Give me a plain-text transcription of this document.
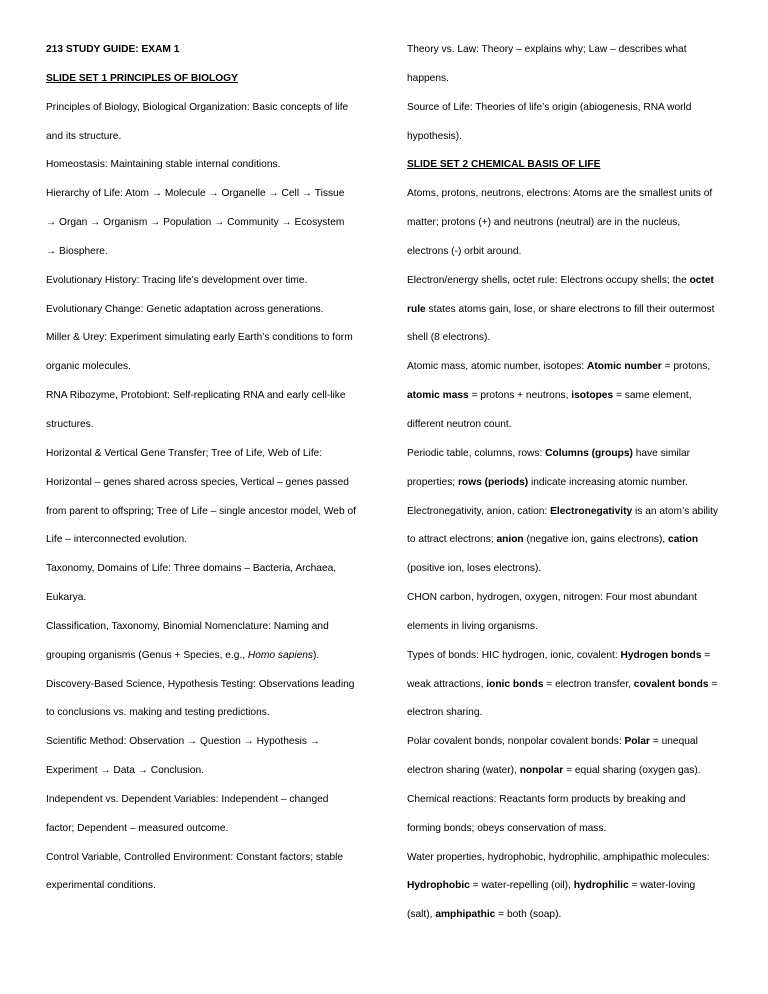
213 STUDY GUIDE: EXAM 1
SLIDE SET 1 PRINCIPLES OF BIOLOGY
Principles of Biology, Biological Organization: Basic concepts of life
and its structure.
Homeostasis: Maintaining stable internal conditions.
Hierarchy of Life: Atom → Molecule → Organelle → Cell → Tissue
→ Organ → Organism → Population → Community → Ecosystem
→ Biosphere.
Evolutionary History: Tracing life’s development over time.
Evolutionary Change: Genetic adaptation across generations.
Miller & Urey: Experiment simulating early Earth’s conditions to form
organic molecules.
RNA Ribozyme, Protobiont: Self-replicating RNA and early cell-like
structures.
Horizontal & Vertical Gene Transfer; Tree of Life, Web of Life:
Horizontal – genes shared across species, Vertical – genes passed
from parent to offspring; Tree of Life – single ancestor model, Web of
Life – interconnected evolution.
Taxonomy, Domains of Life: Three domains – Bacteria, Archaea,
Eukarya.
Classification, Taxonomy, Binomial Nomenclature: Naming and
grouping organisms (Genus + Species, e.g., Homo sapiens).
Discovery-Based Science, Hypothesis Testing: Observations leading
to conclusions vs. making and testing predictions.
Scientific Method: Observation → Question → Hypothesis →
Experiment → Data → Conclusion.
Independent vs. Dependent Variables: Independent – changed
factor; Dependent – measured outcome.
Control Variable, Controlled Environment: Constant factors; stable
experimental conditions.
Theory vs. Law: Theory – explains why; Law – describes what
happens.
Source of Life: Theories of life’s origin (abiogenesis, RNA world
hypothesis).
SLIDE SET 2 CHEMICAL BASIS OF LIFE
Atoms, protons, neutrons, electrons: Atoms are the smallest units of
matter; protons (+) and neutrons (neutral) are in the nucleus,
electrons (-) orbit around.
Electron/energy shells, octet rule: Electrons occupy shells; the octet
rule states atoms gain, lose, or share electrons to fill their outermost
shell (8 electrons).
Atomic mass, atomic number, isotopes: Atomic number = protons,
atomic mass = protons + neutrons, isotopes = same element,
different neutron count.
Periodic table, columns, rows: Columns (groups) have similar
properties; rows (periods) indicate increasing atomic number.
Electronegativity, anion, cation: Electronegativity is an atom’s ability
to attract electrons; anion (negative ion, gains electrons), cation
(positive ion, loses electrons).
CHON carbon, hydrogen, oxygen, nitrogen: Four most abundant
elements in living organisms.
Types of bonds: HIC hydrogen, ionic, covalent: Hydrogen bonds =
weak attractions, ionic bonds = electron transfer, covalent bonds =
electron sharing.
Polar covalent bonds, nonpolar covalent bonds: Polar = unequal
electron sharing (water), nonpolar = equal sharing (oxygen gas).
Chemical reactions: Reactants form products by breaking and
forming bonds; obeys conservation of mass.
Water properties, hydrophobic, hydrophilic, amphipathic molecules:
Hydrophobic = water-repelling (oil), hydrophilic = water-loving
(salt), amphipathic = both (soap).
